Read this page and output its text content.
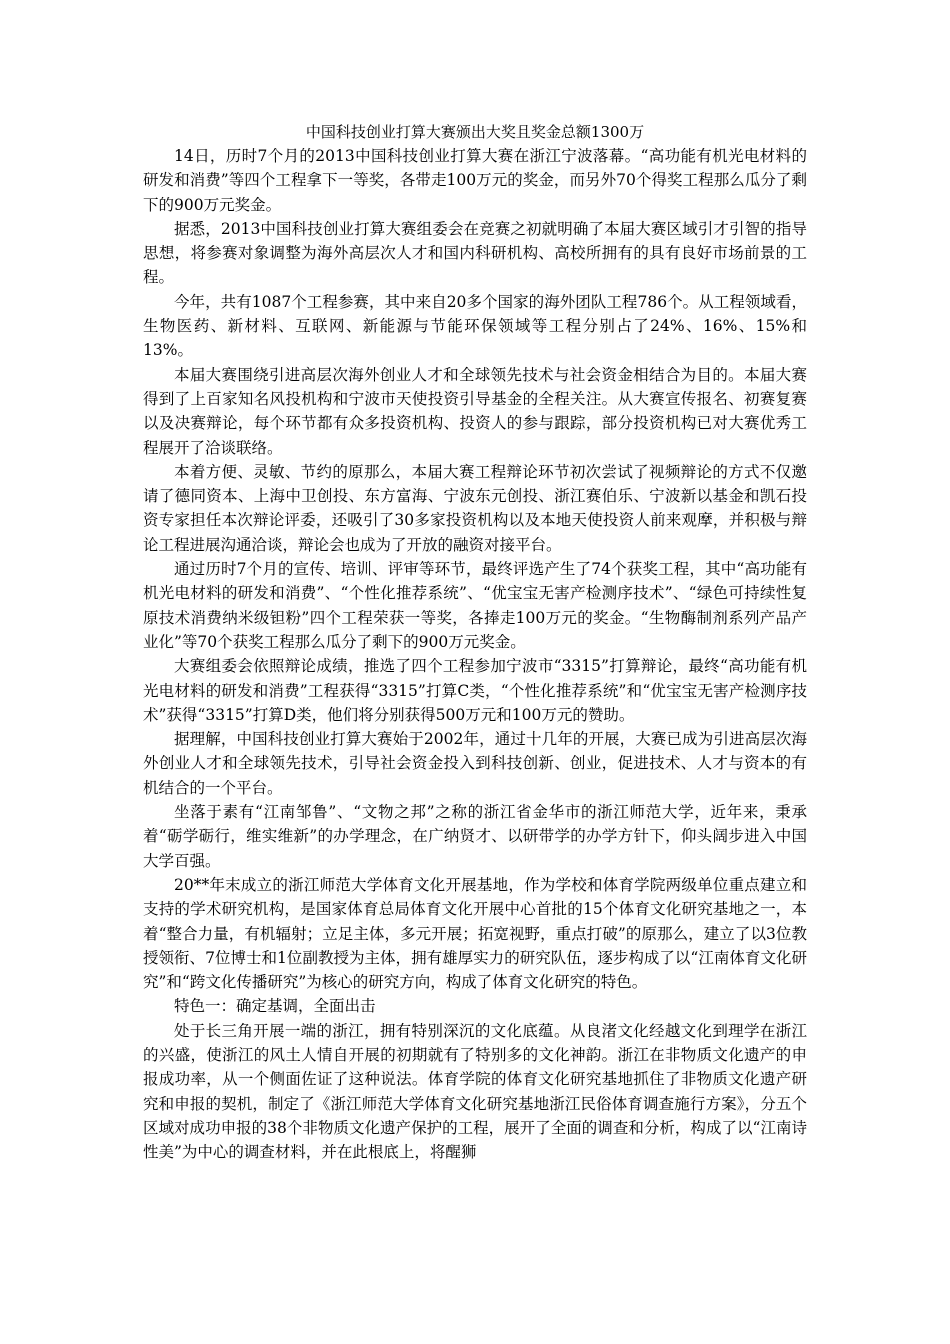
中国科技创业打算大赛颁出大奖且奖金总额1300万

14日，历时7个月的2013中国科技创业打算大赛在浙江宁波落幕。“高功能有机光电材料的研发和消费”等四个工程拿下一等奖，各带走100万元的奖金，而另外70个得奖工程那么瓜分了剩下的900万元奖金。

据悉，2013中国科技创业打算大赛组委会在竞赛之初就明确了本届大赛区域引才引智的指导思想，将参赛对象调整为海外高层次人才和国内科研机构、高校所拥有的具有良好市场前景的工程。

今年，共有1087个工程参赛，其中来自20多个国家的海外团队工程786个。从工程领域看，生物医药、新材料、互联网、新能源与节能环保领域等工程分别占了24%、16%、15%和13%。

本届大赛围绕引进高层次海外创业人才和全球领先技术与社会资金相结合为目的。本届大赛得到了上百家知名风投机构和宁波市天使投资引导基金的全程关注。从大赛宣传报名、初赛复赛以及决赛辩论，每个环节都有众多投资机构、投资人的参与跟踪，部分投资机构已对大赛优秀工程展开了洽谈联络。

本着方便、灵敏、节约的原那么，本届大赛工程辩论环节初次尝试了视频辩论的方式不仅邀请了德同资本、上海中卫创投、东方富海、宁波东元创投、浙江赛伯乐、宁波新以基金和凯石投资专家担任本次辩论评委，还吸引了30多家投资机构以及本地天使投资人前来观摩，并积极与辩论工程进展沟通洽谈，辩论会也成为了开放的融资对接平台。

通过历时7个月的宣传、培训、评审等环节，最终评选产生了74个获奖工程，其中“高功能有机光电材料的研发和消费”、“个性化推荐系统”、“优宝宝无害产检测序技术”、“绿色可持续性复原技术消费纳米级钽粉”四个工程荣获一等奖，各捧走100万元的奖金。“生物酶制剂系列产品产业化”等70个获奖工程那么瓜分了剩下的900万元奖金。

大赛组委会依照辩论成绩，推选了四个工程参加宁波市“3315”打算辩论，最终“高功能有机光电材料的研发和消费”工程获得“3315”打算C类，“个性化推荐系统”和“优宝宝无害产检测序技术”获得“3315”打算D类，他们将分别获得500万元和100万元的赞助。

据理解，中国科技创业打算大赛始于2002年，通过十几年的开展，大赛已成为引进高层次海外创业人才和全球领先技术，引导社会资金投入到科技创新、创业，促进技术、人才与资本的有机结合的一个平台。

坐落于素有“江南邹鲁”、“文物之邦”之称的浙江省金华市的浙江师范大学，近年来，秉承着“砺学砺行，维实维新”的办学理念，在广纳贤才、以研带学的办学方针下，仰头阔步进入中国大学百强。

20**年末成立的浙江师范大学体育文化开展基地，作为学校和体育学院两级单位重点建立和支持的学术研究机构，是国家体育总局体育文化开展中心首批的15个体育文化研究基地之一，本着“整合力量，有机辐射；立足主体，多元开展；拓宽视野，重点打破”的原那么，建立了以3位教授领衔、7位博士和1位副教授为主体，拥有雄厚实力的研究队伍，逐步构成了以“江南体育文化研究”和“跨文化传播研究”为核心的研究方向，构成了体育文化研究的特色。

特色一：确定基调，全面出击

处于长三角开展一端的浙江，拥有特别深沉的文化底蕴。从良渚文化经越文化到理学在浙江的兴盛，使浙江的风土人情自开展的初期就有了特别多的文化神韵。浙江在非物质文化遗产的申报成功率，从一个侧面佐证了这种说法。体育学院的体育文化研究基地抓住了非物质文化遗产研究和申报的契机，制定了《浙江师范大学体育文化研究基地浙江民俗体育调查施行方案》，分五个区域对成功申报的38个非物质文化遗产保护的工程，展开了全面的调查和分析，构成了以“江南诗性美”为中心的调查材料，并在此根底上，将醒狮
